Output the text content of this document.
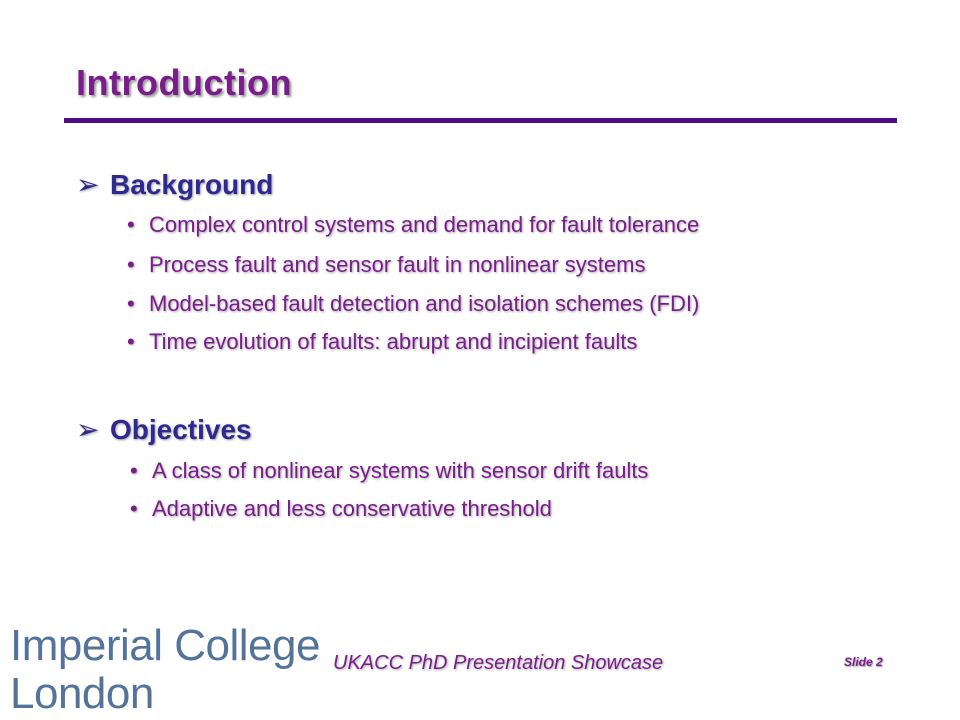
Introduction
➢ Background
• Complex control systems and demand for fault tolerance
• Process fault and sensor fault in nonlinear systems
• Model-based fault detection and isolation schemes (FDI)
• Time evolution of faults: abrupt and incipient faults
➢ Objectives
• A class of nonlinear systems with sensor drift faults
• Adaptive and less conservative threshold
Imperial College
London
UKACC PhD Presentation Showcase	Slide 2
